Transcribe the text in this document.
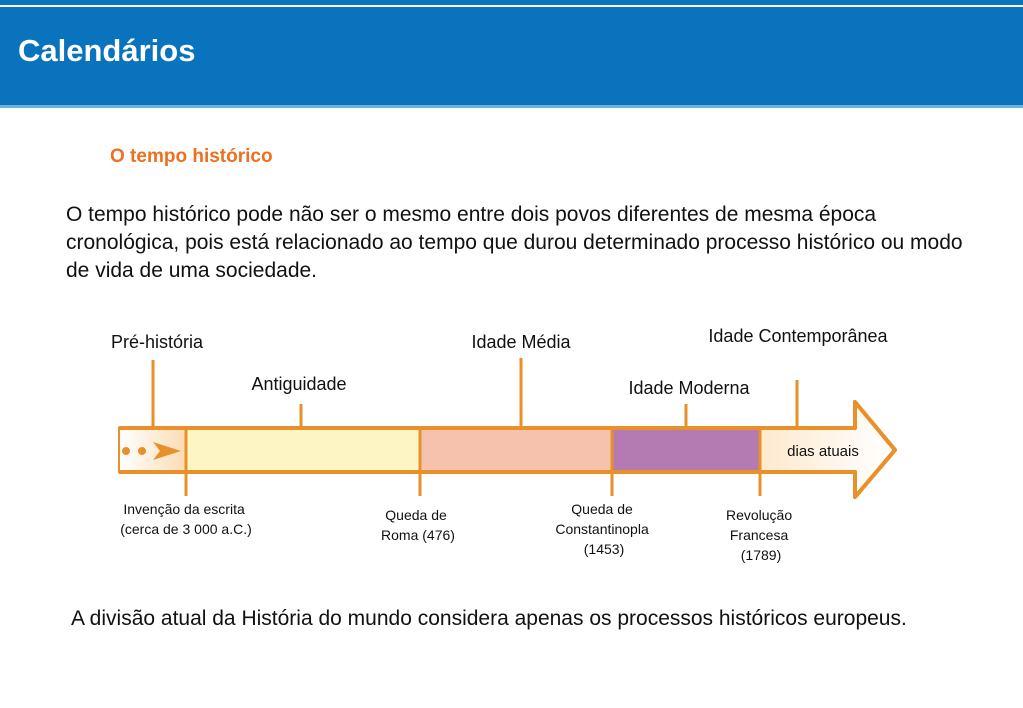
Calendários
O tempo histórico
O tempo histórico pode não ser o mesmo entre dois povos diferentes de mesma época cronológica, pois está relacionado ao tempo que durou determinado processo histórico ou modo de vida de uma sociedade.
Pré-história
Antiguidade
Idade Média
Idade Moderna
Idade Contemporânea
dias atuais
Invenção da escrita (cerca de 3 000 a.C.)
Queda de Roma (476)
Queda de Constantinopla (1453)
Revolução Francesa (1789)
A divisão atual da História do mundo considera apenas os processos históricos europeus.
